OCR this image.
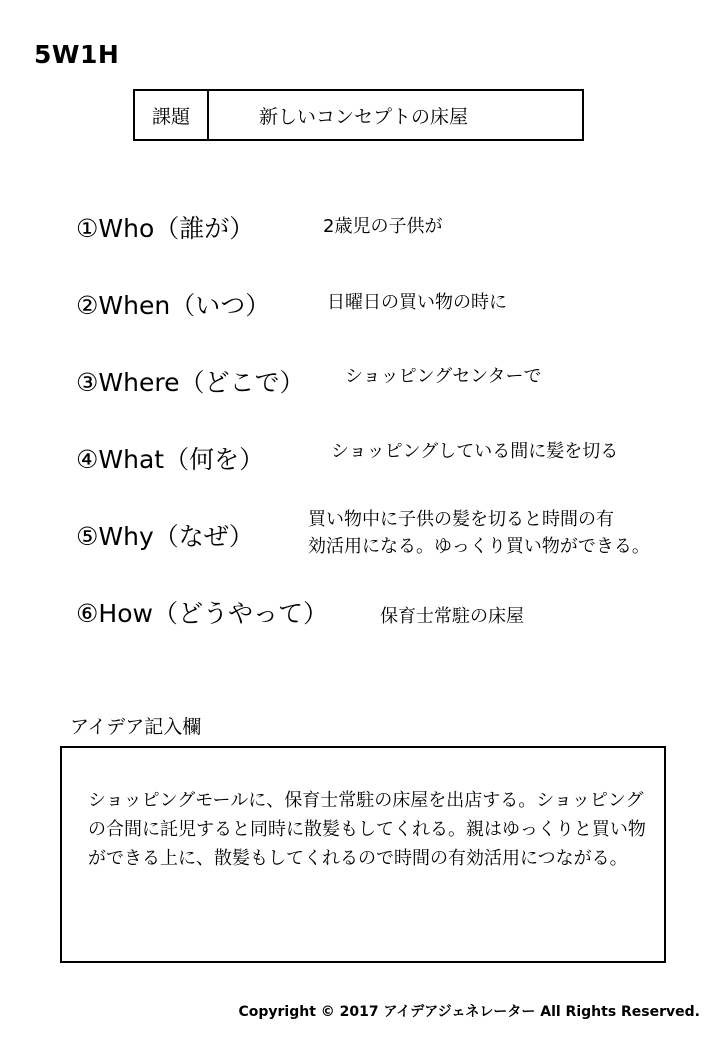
5W1H
課題	新しいコンセプトの床屋
①Who（誰が）	2歳児の子供が
②When（いつ）	日曜日の買い物の時に
③Where（どこで） ショッピングセンターで
④What（何を）	ショッピングしている間に髪を切る
⑤Why（なぜ）
買い物中に子供の髪を切ると時間の有
効活用になる。ゆっくり買い物ができる。
⑥How（どうやって）	保育士常駐の床屋
アイデア記入欄
ショッピングモールに、保育士常駐の床屋を出店する。ショッピングの合間に託児すると同時に散髪もしてくれる。親はゆっくりと買い物ができる上に、散髪もしてくれるので時間の有効活用につながる。
Copyright © 2017 アイデアジェネレーター All Rights Reserved.
